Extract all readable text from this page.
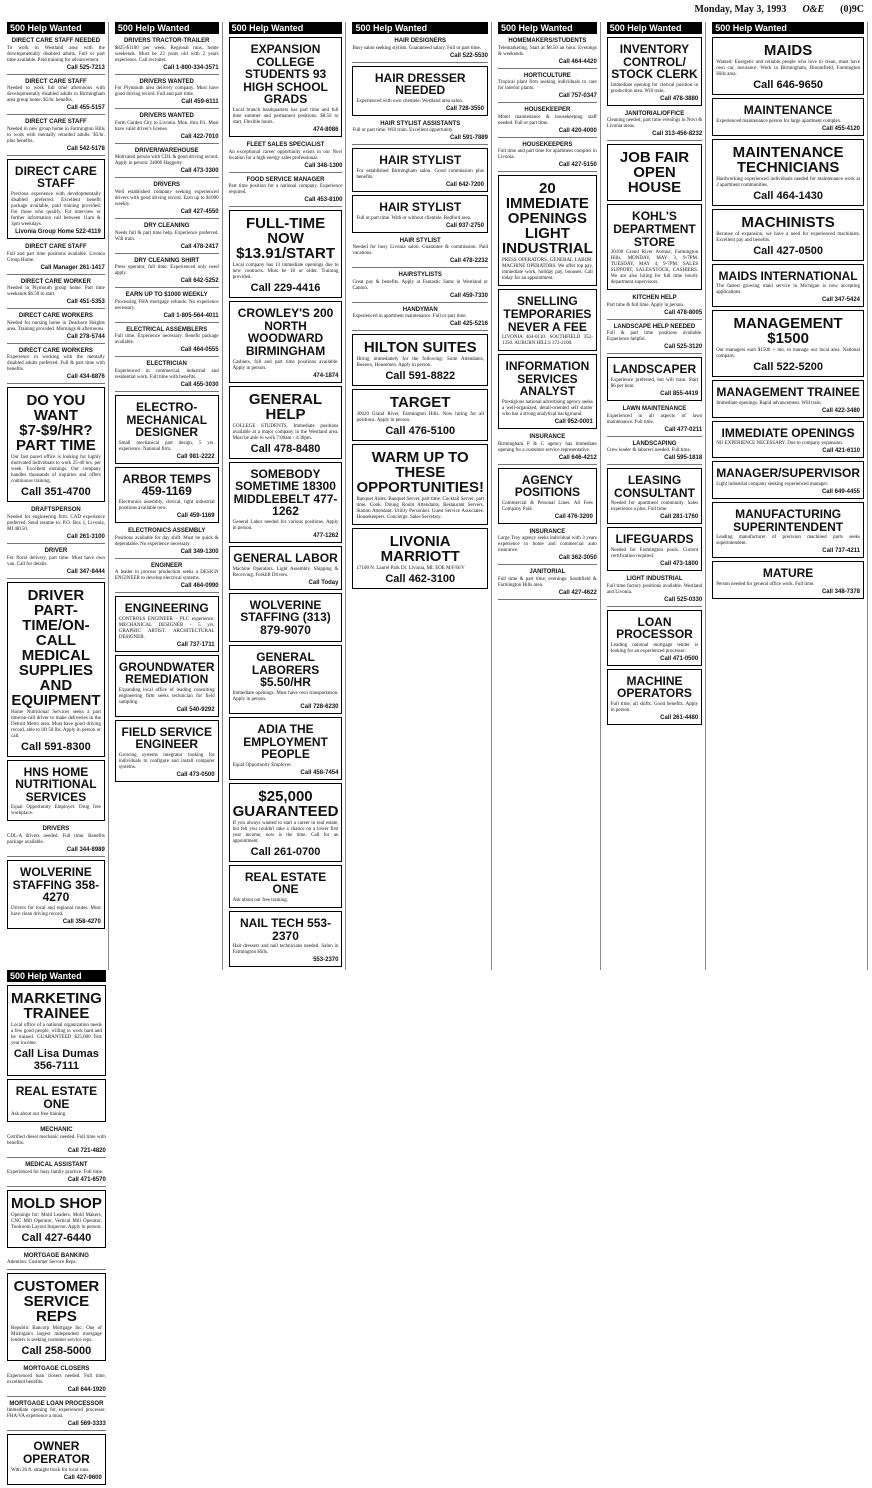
Monday, May 3, 1993 O&E (0)9C
500 Help Wanted
DIRECT CARE STAFF NEEDED
To work in Westland area with the developmentally disabled adults. Full or part time available. Paid training for advancement.
Call 525-7213
DIRECT CARE STAFF
Needed to work full time afternoons with developmentally disabled adults in Birmingham area group home. $5/hr. benefits.
Call 455-5157
DIRECT CARE STAFF
Needed in new group home in Farmington Hills to work with mentally retarded adults. $5/hr. plus benefits.
Call 542-5178
DIRECT CARE STAFF
Previous experience with developmentally disabled preferred. Excellent benefit package available, paid training provided. For those who qualify. For interview or further information call between 11am & 3pm weekdays.
Livonia Group Home 522-4119
DIRECT CARE STAFF
Full and part time positions available. Livonia Group Home.
Call Manager 261-1417
DIRECT CARE WORKER
Needed in Plymouth group home. Part time weekends $6.50 to start.
Call 451-5353
DIRECT CARE WORKERS
Needed for nursing home in Dearborn Heights area. Training provided. Mornings & afternoons.
Call 278-5744
DIRECT CARE WORKERS
Experience in working with the mentally disabled adults preferred. Full & part time with benefits.
Call 434-8876
DO YOU WANT $7-$9/HR? PART TIME
Our fast paced office is looking for highly motivated individuals to work 25-40 hrs. per week. Excellent earnings. Our company handles thousands of inquiries and offers continuous training.
Call 351-4700
DRAFTSPERSON
Needed for engineering firm. CAD experience preferred. Send resume to: P.O. Box 1, Livonia, MI 48150.
Call 261-3100
DRIVER
For floral delivery, part time. Must have own van. Call for details.
Call 347-8444
DRIVER PART-TIME/ON-CALL MEDICAL SUPPLIES AND EQUIPMENT
Home Nutritional Services seeks a part time/on-call driver to make deliveries in the Detroit Metro area. Must have good driving record, able to lift 50 lbs. Apply in person or call.
Call 591-8300
HNS HOME NUTRITIONAL SERVICES
Equal Opportunity Employer. Drug free workplace.
DRIVERS
CDL-A drivers needed. Full time. Benefits package available.
Call 344-8989
WOLVERINE STAFFING 358-4270
Drivers for local and regional routes. Must have clean driving record.
Call 358-4270
500 Help Wanted
DRIVERS TRACTOR-TRAILER
$825-$1100 per week. Regional runs, home weekends. Must be 23 years old with 2 years experience. Call recruiter.
Call 1-800-334-3571
DRIVERS WANTED
For Plymouth area delivery company. Must have good driving record. Full and part time.
Call 459-6111
DRIVERS WANTED
Form Garden City to Livonia. Mon. thru Fri. Must have valid driver's license.
Call 422-7010
DRIVER/WAREHOUSE
Motivated person with CDL & good driving record. Apply in person: 24000 Haggerty.
Call 473-3300
DRIVERS
Well established company seeking experienced drivers with good driving record. Earn up to $1000 weekly.
Call 427-4550
DRY CLEANING
Needs full & part time help. Experience preferred. Will train.
Call 478-2417
DRY CLEANING SHIRT
Press operator, full time. Experienced only need apply.
Call 642-5252
EARN UP TO $1000 WEEKLY
Processing FHA mortgage refunds. No experience necessary.
Call 1-805-564-4011
ELECTRICAL ASSEMBLERS
Full time. Experience necessary. Benefit package available.
Call 464-0555
ELECTRICIAN
Experienced in commercial, industrial and residential work. Full time with benefits.
Call 455-3030
ELECTRO-MECHANICAL DESIGNER
Small mechanical part design, 5 yrs. experience. National firm.
Call 981-2222
ARBOR TEMPS 459-1169
Electronics assembly, clerical, light industrial positions available now.
Call 459-1169
ELECTRONICS ASSEMBLY
Positions available for day shift. Must be quick & dependable. No experience necessary.
Call 349-1300
ENGINEER
A leader in process production seeks a DESIGN ENGINEER to develop electrical systems.
Call 464-0990
ENGINEERING
CONTROLS ENGINEER - PLC experience. MECHANICAL DESIGNER - 5 yrs. GRAPHIC ARTIST. ARCHITECTURAL DESIGNER.
Call 737-1711
GROUNDWATER REMEDIATION
Expanding local office of leading consulting engineering firm seeks technician for field sampling.
Call 540-9292
FIELD SERVICE ENGINEER
Growing systems integrator looking for individuals to configure and install computer systems.
Call 473-0500
500 Help Wanted
EXPANSION COLLEGE STUDENTS 93 HIGH SCHOOL GRADS
Local branch headquarters has part time and full time summer and permanent positions. $8.50 to start. Flexible hours.
474-8086
FLEET SALES SPECIALIST
An exceptional career opportunity exists in our Novi location for a high energy sales professional.
Call 348-1300
FOOD SERVICE MANAGER
Part time position for a national company. Experience required.
Call 453-8100
FULL-TIME NOW $13.91/START
Local company has 13 immediate openings due to new contracts. Must be 18 or older. Training provided.
Call 229-4416
CROWLEY'S 200 NORTH WOODWARD BIRMINGHAM
Cashiers, full and part time positions available. Apply in person.
474-1874
GENERAL HELP
COLLEGE STUDENTS. Immediate positions available at a major company in the Westland area. Must be able to work 7:00am - 4:30pm.
Call 478-8480
SOMEBODY SOMETIME 18300 MIDDLEBELT 477-1262
General Labor needed for various positions. Apply in person.
477-1262
GENERAL LABOR
Machine Operators. Light Assembly. Shipping & Receiving. Forklift Drivers.
Call Today
WOLVERINE STAFFING (313) 879-9070
GENERAL LABORERS $5.50/HR
Immediate openings. Must have own transportation. Apply in person.
Call 728-6230
ADIA THE EMPLOYMENT PEOPLE
Equal Opportunity Employer.
Call 458-7454
$25,000 GUARANTEED
If you always wanted to start a career in real estate, but felt you couldn't take a chance on a lower first year income, now is the time. Call for an appointment.
Call 261-0700
REAL ESTATE ONE
Ask about our free training.
NAIL TECH 553-2370
Hair dressers and nail technicians needed. Salon in Farmington Hills.
553-2370
500 Help Wanted
HAIR DESIGNERS
Busy salon seeking stylists. Guaranteed salary. Full or part time.
Call 522-5530
HAIR DRESSER NEEDED
Experienced with own clientele. Westland area salon.
Call 728-3550
HAIR STYLIST ASSISTANTS
Full or part time. Will train. Excellent opportunity.
Call 591-7889
HAIR STYLIST
For established Birmingham salon. Good commission plus benefits.
Call 642-7200
HAIR STYLIST
Full or part time. With or without clientele. Redford area.
Call 937-2750
HAIR STYLIST
Needed for busy Livonia salon. Guarantee & commission. Paid vacations.
Call 478-2232
HAIRSTYLISTS
Great pay & benefits. Apply at Fantastic Sams in Westland or Canton.
Call 459-7330
HANDYMAN
Experienced in apartment maintenance. Full or part time.
Call 425-5216
HILTON SUITES
Hiring immediately for the following: Suite Attendants, Bussers, Housemen. Apply in person.
Call 591-8822
TARGET
30020 Grand River, Farmington Hills. Now hiring for all positions. Apply in person.
Call 476-5100
WARM UP TO THESE OPPORTUNITIES!
Banquet Aides. Banquet Server, part time. Cocktail Server, part time. Cook. Dining Room Attendants. Restaurant Servers. Station Attendant. Utility Personnel. Guest Service Associates. Housekeepers. Concierge. Sales Secretary.
LIVONIA MARRIOTT
17100 N. Laurel Park Dr. Livonia, MI. EOE M/F/H/V
Call 462-3100
500 Help Wanted
HOMEMAKERS/STUDENTS
Telemarketing. Start at $8.50 an hour. Evenings & weekends.
Call 464-4420
HORTICULTURE
Tropical plant firm seeking individuals to care for interior plants.
Call 757-0347
HOUSEKEEPER
Motel maintenance & housekeeping staff needed. Full or part time.
Call 420-4000
HOUSEKEEPERS
Full time and part time for apartment complex in Livonia.
Call 427-5150
20 IMMEDIATE OPENINGS LIGHT INDUSTRIAL
PRESS OPERATORS. GENERAL LABOR. MACHINE OPERATORS. We offer top pay, immediate work, holiday pay, bonuses. Call today for an appointment.
SNELLING TEMPORARIES NEVER A FEE
LIVONIA 464-0110. SOUTHFIELD 352-1350. AUBURN HILLS 373-2100.
INFORMATION SERVICES ANALYST
Prestigious national advertising agency seeks a well-organized, detail-oriented self starter who has a strong analytical background.
Call 952-0001
INSURANCE
Birmingham P & C agency has immediate opening for a customer service representative.
Call 646-4212
AGENCY POSITIONS
Commercial & Personal Lines. All Fees Company Paid.
Call 476-3200
INSURANCE
Large Troy agency seeks individual with 3 years experience in home and commercial auto insurance.
Call 362-3050
JANITORIAL
Full time & part time, evenings. Southfield & Farmington Hills area.
Call 427-4622
500 Help Wanted
INVENTORY CONTROL/ STOCK CLERK
Immediate opening for clerical position in production area. Will train.
Call 478-3880
JANITORIAL/OFFICE
Cleaning needed, part time evenings in Novi & Livonia areas.
Call 313-456-8232
JOB FAIR OPEN HOUSE
KOHL'S DEPARTMENT STORE
30100 Grand River Avenue, Farmington Hills. MONDAY, MAY 3, 9-7PM. TUESDAY, MAY 4, 9-7PM. SALES SUPPORT, SALES/STOCK, CASHIERS. We are also hiring for full time hourly department supervisors.
KITCHEN HELP
Part time & full time. Apply in person.
Call 478-8005
LANDSCAPE HELP NEEDED
Full & part time positions available. Experience helpful.
Call 525-3120
LANDSCAPER
Experience preferred, but will train. Start $6 per hour.
Call 855-4419
LAWN MAINTENANCE
Experienced in all aspects of lawn maintenance. Full time.
Call 477-0211
LANDSCAPING
Crew leader & laborers needed. Full time.
Call 595-1818
LEASING CONSULTANT
Needed for apartment community. Sales experience a plus. Full time.
Call 281-1760
LIFEGUARDS
Needed for Farmington pools. Current certification required.
Call 473-1800
LIGHT INDUSTRIAL
Full time factory positions available. Westland and Livonia.
Call 525-0330
LOAN PROCESSOR
Leading national mortgage lender is looking for an experienced processor.
Call 471-0500
MACHINE OPERATORS
Full time, all shifts. Good benefits. Apply in person.
Call 261-4480
500 Help Wanted
MAIDS
Wanted: Energetic and reliable people who love to clean, must have own car, insurance. Work in Birmingham, Bloomfield, Farmington Hills area.
Call 646-9650
MAINTENANCE
Experienced maintenance person for large apartment complex.
Call 455-4120
MAINTENANCE TECHNICIANS
Hardworking experienced individuals needed for maintenance work at 2 apartment communities.
Call 464-1430
MACHINISTS
Because of expansion, we have a need for experienced machinists. Excellent pay and benefits.
Call 427-0500
MAIDS INTERNATIONAL
The fastest growing maid service in Michigan is now accepting applications.
Call 347-5424
MANAGEMENT $1500
Our managers earn $1500 + mo. to manage our local area. National company.
Call 522-5200
MANAGEMENT TRAINEE
Immediate openings. Rapid advancement. Will train.
Call 422-3480
IMMEDIATE OPENINGS
NO EXPERIENCE NECESSARY. Due to company expansion.
Call 421-6110
MANAGER/SUPERVISOR
Light industrial company seeking experienced manager.
Call 649-4455
MANUFACTURING SUPERINTENDENT
Leading manufacturer of precision machined parts seeks superintendent.
Call 737-4211
MATURE
Person needed for general office work. Full time.
Call 348-7378
500 Help Wanted
MARKETING TRAINEE
Local office of a national organization needs a few good people, willing to work hard and be trained. GUARANTEED $25,000 first year income.
Call Lisa Dumas 356-7111
REAL ESTATE ONE
Ask about our free training.
MECHANIC
Certified diesel mechanic needed. Full time with benefits.
Call 721-4820
MEDICAL ASSISTANT
Experienced for busy family practice. Full time.
Call 471-6570
MOLD SHOP
Openings for: Mold Leaders, Mold Makers, CNC Mill Operator, Vertical Mill Operator, Toolroom Layout Inspector. Apply in person.
Call 427-6440
MORTGAGE BANKING
Attention: Customer Service Reps.
CUSTOMER SERVICE REPS
Republic Bancorp Mortgage Inc. One of Michigan's largest independent mortgage lenders is seeking customer service reps.
Call 258-5000
MORTGAGE CLOSERS
Experienced loan closers needed. Full time, excellent benefits.
Call 644-1920
MORTGAGE LOAN PROCESSOR
Immediate opening for experienced processor. FHA/VA experience a must.
Call 569-3333
OWNER OPERATOR
With 26 ft. straight truck for local runs.
Call 427-9600
